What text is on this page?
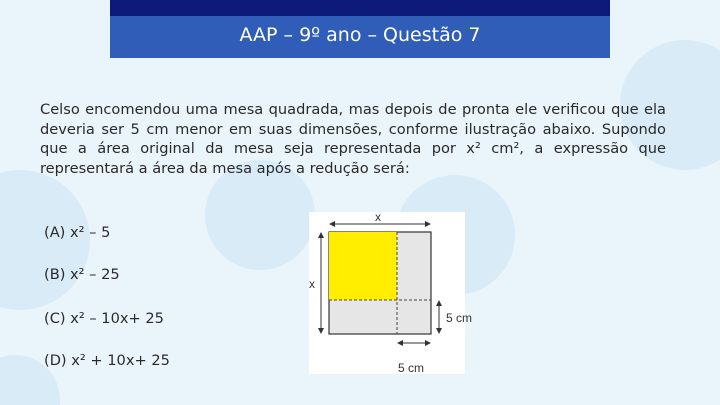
AAP – 9º ano – Questão 7

Celso encomendou uma mesa quadrada, mas depois de pronta ele verificou que ela deveria ser 5 cm menor em suas dimensões, conforme ilustração abaixo. Supondo que a área original da mesa seja representada por x² cm², a expressão que representará a área da mesa após a redução será:

(A) x² – 5
(B) x² – 25
(C) x² – 10x+ 25
(D) x² + 10x+ 25
x
x
5 cm
5 cm
